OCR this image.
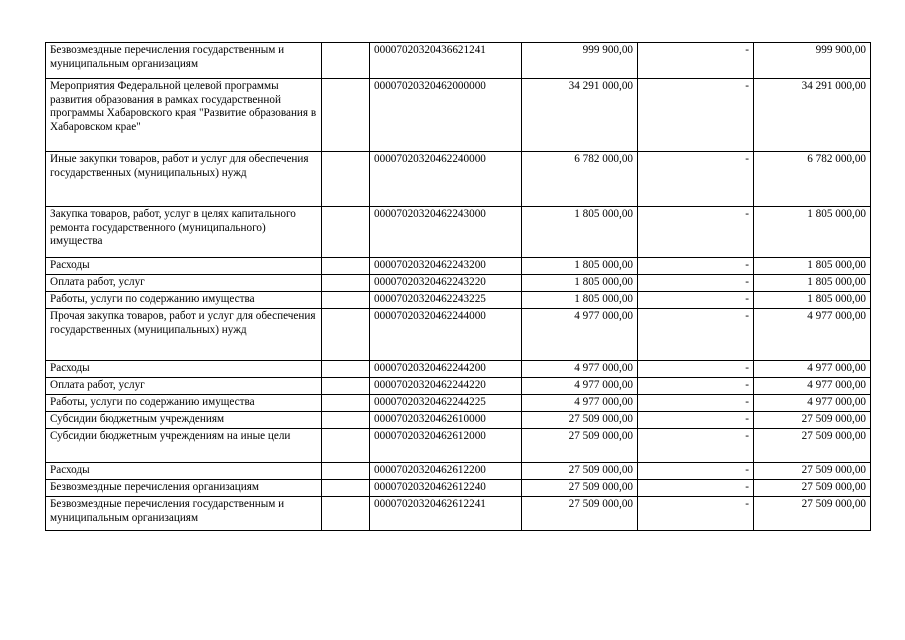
Безвозмездные перечисления государственным и муниципальным организациям		00007020320436621241	999 900,00	-	999 900,00
Мероприятия Федеральной целевой программы развития образования в рамках государственной программы Хабаровского края "Развитие образования в Хабаровском крае"		00007020320462000000	34 291 000,00	-	34 291 000,00
Иные закупки товаров, работ и услуг для обеспечения государственных (муниципальных) нужд		00007020320462240000	6 782 000,00	-	6 782 000,00
Закупка товаров, работ, услуг в целях капитального ремонта государственного (муниципального) имущества		00007020320462243000	1 805 000,00	-	1 805 000,00
Расходы		00007020320462243200	1 805 000,00	-	1 805 000,00
Оплата работ, услуг		00007020320462243220	1 805 000,00	-	1 805 000,00
Работы, услуги по содержанию имущества		00007020320462243225	1 805 000,00	-	1 805 000,00
Прочая закупка товаров, работ и услуг для обеспечения государственных (муниципальных) нужд		00007020320462244000	4 977 000,00	-	4 977 000,00
Расходы		00007020320462244200	4 977 000,00	-	4 977 000,00
Оплата работ, услуг		00007020320462244220	4 977 000,00	-	4 977 000,00
Работы, услуги по содержанию имущества		00007020320462244225	4 977 000,00	-	4 977 000,00
Субсидии бюджетным учреждениям		00007020320462610000	27 509 000,00	-	27 509 000,00
Субсидии бюджетным учреждениям на иные цели		00007020320462612000	27 509 000,00	-	27 509 000,00
Расходы		00007020320462612200	27 509 000,00	-	27 509 000,00
Безвозмездные перечисления организациям		00007020320462612240	27 509 000,00	-	27 509 000,00
Безвозмездные перечисления государственным и муниципальным организациям		00007020320462612241	27 509 000,00	-	27 509 000,00
